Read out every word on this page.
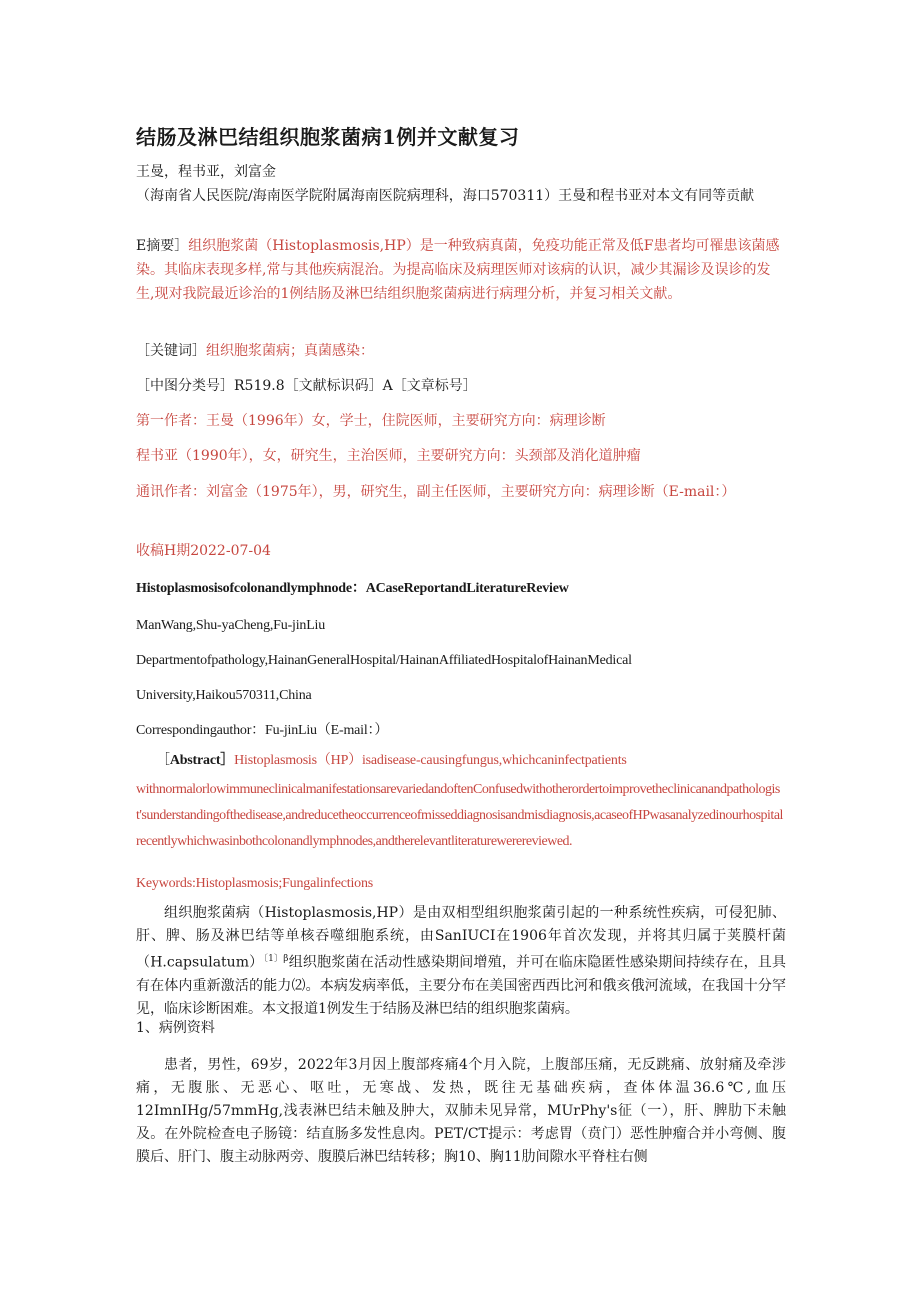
结肠及淋巴结组织胞浆菌病1例并文献复习

王曼，程书亚，刘富金

（海南省人民医院/海南医学院附属海南医院病理科，海口570311）王曼和程书亚对本文有同等贡献

E摘要］组织胞浆菌（Histoplasmosis,HP）是一种致病真菌，免疫功能正常及低F患者均可罹患该菌感染。其临床表现多样,常与其他疾病混治。为提高临床及病理医师对该病的认识，减少其漏诊及误诊的发生,现对我院最近诊治的1例结肠及淋巴结组织胞浆菌病进行病理分析，并复习相关文献。

［关键词］组织胞浆菌病；真菌感染：

［中图分类号］R519.8［文献标识码］A［文章标号］

第一作者：王曼（1996年）女，学士，住院医师，主要研究方向：病理诊断

程书亚（1990年），女，研究生，主治医师，主要研究方向：头颈部及消化道肿瘤

通讯作者：刘富金（1975年），男，研究生，副主任医师，主要研究方向：病理诊断（E-mail：）

收稿H期2022-07-04

Histoplasmosisofcolonandlymphnode：ACaseReportandLiteratureReview

ManWang,Shu-yaCheng,Fu-jinLiu

Departmentofpathology,HainanGeneralHospital/HainanAffiliatedHospitalofHainanMedical

University,Haikou570311,China

Correspondingauthor：Fu-jinLiu（E-mail：）

［Abstract］Histoplasmosis（HP）isadisease-causingfungus,whichcaninfectpatients

withnormalorlowimmuneclinicalmanifestationsarevariedandoftenConfusedwithotherordertoimprovetheclinicanandpathologist'sunderstandingofthedisease,andreducetheoccurrenceofmisseddiagnosisandmisdiagnosis,acaseofHPwasanalyzedinourhospitalrecentlywhichwasinbothcolonandlymphnodes,andtherelevantliteraturewerereviewed.

Keywords:Histoplasmosis;Fungalinfections

组织胞浆菌病（Histoplasmosis,HP）是由双相型组织胞浆菌引起的一种系统性疾病，可侵犯肺、肝、脾、肠及淋巴结等单核吞噬细胞系统，由SanIUCI在1906年首次发现，并将其归属于荚膜杆菌（H.capsulatum）$^{〔1〕\beta}$组织胞浆菌在活动性感染期间增殖，并可在临床隐匿性感染期间持续存在，且具有在体内重新激活的能力⑵。本病发病率低，主要分布在美国密西西比河和俄亥俄河流域，在我国十分罕见，临床诊断困难。本文报道1例发生于结肠及淋巴结的组织胞浆菌病。

1、病例资料

患者，男性，69岁，2022年3月因上腹部疼痛4个月入院，上腹部压痛，无反跳痛、放射痛及牵涉痛，无腹胀、无恶心、呕吐，无寒战、发热，既往无基础疾病，查体体温36.6℃,血压12ImnIHg∕57mmHg,浅表淋巴结未触及肿大，双肺未见异常，MUrPhy's征（一），肝、脾肋下未触及。在外院检查电子肠镜：结直肠多发性息肉。PET/CT提示：考虑胃（贲门）恶性肿瘤合并小弯侧、腹膜后、肝门、腹主动脉两旁、腹膜后淋巴结转移；胸10、胸11肋间隙水平脊柱右侧
